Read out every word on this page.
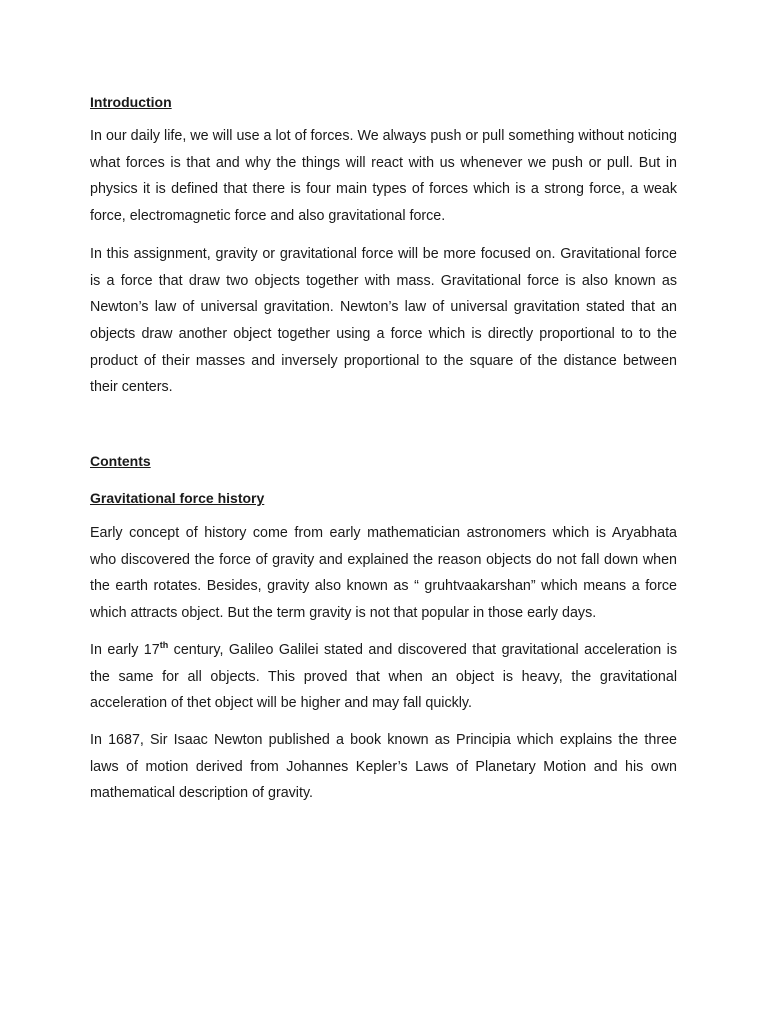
Introduction

In our daily life, we will use a lot of forces. We always push or pull something without noticing what forces is that and why the things will react with us whenever we push or pull. But in physics it is defined that there is four main types of forces which is a strong force, a weak force, electromagnetic force and also gravitational force.

In this assignment, gravity or gravitational force will be more focused on. Gravitational force is a force that draw two objects together with mass. Gravitational force is also known as Newton’s law of universal gravitation. Newton’s law of universal gravitation stated that an objects draw another object together using a force which is directly proportional to to the product of their masses and inversely proportional to the square of the distance between their centers.

Contents

Gravitational force history

Early concept of history come from early mathematician astronomers which is Aryabhata who discovered the force of gravity and explained the reason objects do not fall down when the earth rotates. Besides, gravity also known as “ gruhtvaakarshan” which means a force which attracts object. But the term gravity is not that popular in those early days.

In early 17th century, Galileo Galilei stated and discovered that gravitational acceleration is the same for all objects. This proved that when an object is heavy, the gravitational acceleration of thet object will be higher and may fall quickly.

In 1687, Sir Isaac Newton published a book known as Principia which explains the three laws of motion derived from Johannes Kepler’s Laws of Planetary Motion and his own mathematical description of gravity.
